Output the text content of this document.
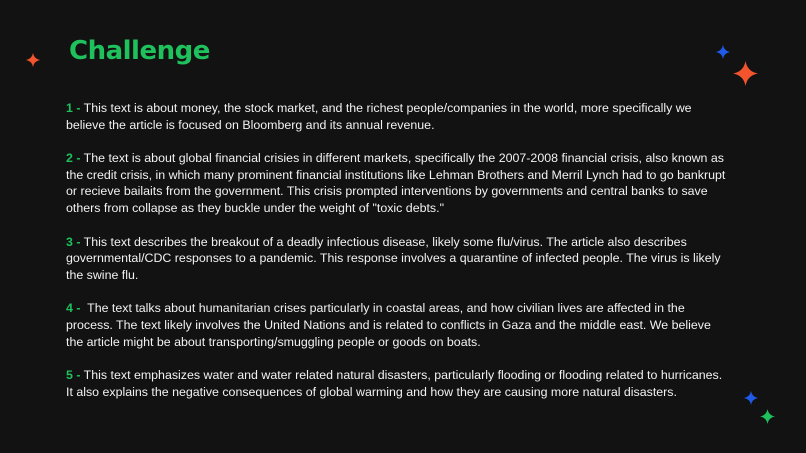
Challenge

1 - This text is about money, the stock market, and the richest people/companies in the world, more specifically we believe the article is focused on Bloomberg and its annual revenue.

2 - The text is about global financial crisies in different markets, specifically the 2007-2008 financial crisis, also known as the credit crisis, in which many prominent financial institutions like Lehman Brothers and Merril Lynch had to go bankrupt or recieve bailaits from the government. This crisis prompted interventions by governments and central banks to save others from collapse as they buckle under the weight of "toxic debts."

3 - This text describes the breakout of a deadly infectious disease, likely some flu/virus. The article also describes governmental/CDC responses to a pandemic. This response involves a quarantine of infected people. The virus is likely the swine flu.

4 -  The text talks about humanitarian crises particularly in coastal areas, and how civilian lives are affected in the process. The text likely involves the United Nations and is related to conflicts in Gaza and the middle east. We believe the article might be about transporting/smuggling people or goods on boats.

5 - This text emphasizes water and water related natural disasters, particularly flooding or flooding related to hurricanes. It also explains the negative consequences of global warming and how they are causing more natural disasters.
